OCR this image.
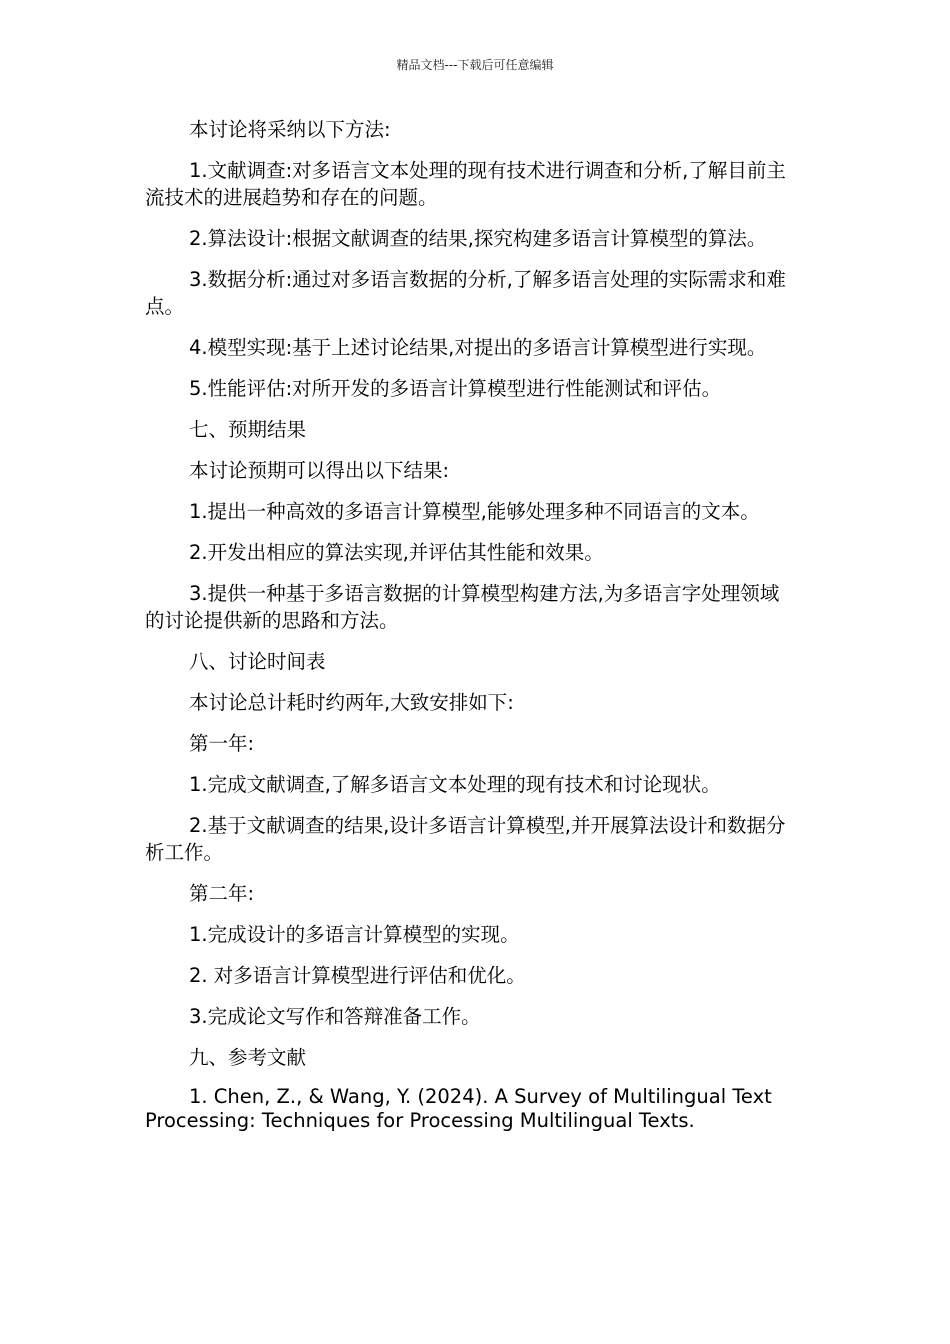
精品文档---下载后可任意编辑

本讨论将采纳以下方法:

1.文献调查:对多语言文本处理的现有技术进行调查和分析,了解目前主流技术的进展趋势和存在的问题。

2.算法设计:根据文献调查的结果,探究构建多语言计算模型的算法。

3.数据分析:通过对多语言数据的分析,了解多语言处理的实际需求和难点。

4.模型实现:基于上述讨论结果,对提出的多语言计算模型进行实现。

5.性能评估:对所开发的多语言计算模型进行性能测试和评估。

七、预期结果

本讨论预期可以得出以下结果:

1.提出一种高效的多语言计算模型,能够处理多种不同语言的文本。

2.开发出相应的算法实现,并评估其性能和效果。

3.提供一种基于多语言数据的计算模型构建方法,为多语言字处理领域的讨论提供新的思路和方法。

八、讨论时间表

本讨论总计耗时约两年,大致安排如下:

第一年:

1.完成文献调查,了解多语言文本处理的现有技术和讨论现状。

2.基于文献调查的结果,设计多语言计算模型,并开展算法设计和数据分析工作。

第二年:

1.完成设计的多语言计算模型的实现。

2. 对多语言计算模型进行评估和优化。

3.完成论文写作和答辩准备工作。

九、参考文献

1. Chen, Z., & Wang, Y. (2024). A Survey of Multilingual Text Processing: Techniques for Processing Multilingual Texts.
